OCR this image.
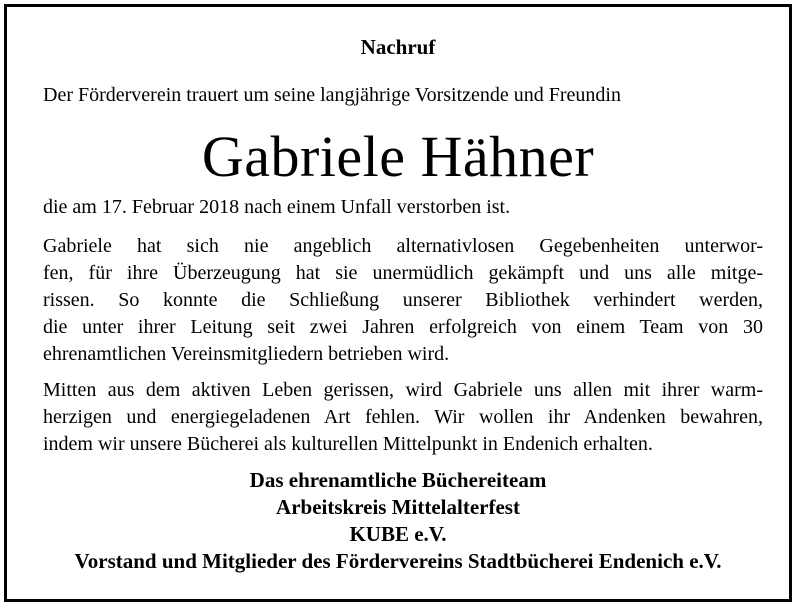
Nachruf
Der Förderverein trauert um seine langjährige Vorsitzende und Freundin
Gabriele Hähner
die am 17. Februar 2018 nach einem Unfall verstorben ist.
Gabriele hat sich nie angeblich alternativlosen Gegebenheiten unterwor-
fen, für ihre Überzeugung hat sie unermüdlich gekämpft und uns alle mitge-
rissen. So konnte die Schließung unserer Bibliothek verhindert werden,
die unter ihrer Leitung seit zwei Jahren erfolgreich von einem Team von 30
ehrenamtlichen Vereinsmitgliedern betrieben wird.
Mitten aus dem aktiven Leben gerissen, wird Gabriele uns allen mit ihrer warm-
herzigen und energiegeladenen Art fehlen. Wir wollen ihr Andenken bewahren,
indem wir unsere Bücherei als kulturellen Mittelpunkt in Endenich erhalten.
Das ehrenamtliche Büchereiteam
Arbeitskreis Mittelalterfest
KUBE e.V.
Vorstand und Mitglieder des Fördervereins Stadtbücherei Endenich e.V.
